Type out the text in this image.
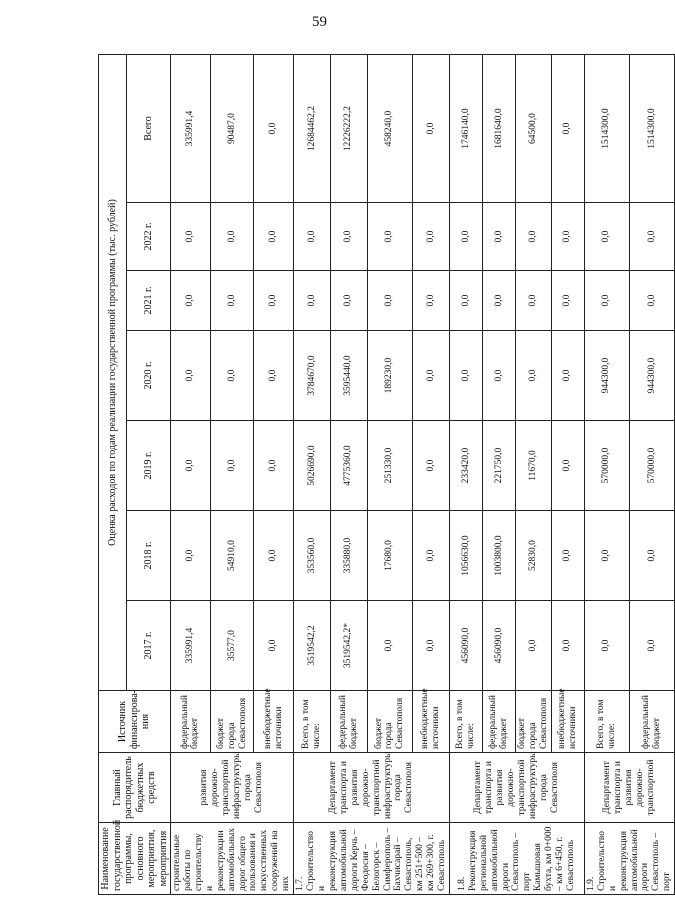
59
Наименование государственной программы, основного мероприятия, мероприятия	Главный распорядитель бюджетных средств	Источник финансирова-ния	Оценка расходов по годам реализации государственной программы (тыс. рублей)						
			2017 г.	2018 г.	2019 г.	2020 г.	2021 г.	2022 г.	Всего
строительные работы по строительству и реконструкции автомобильных дорог общего пользования и искусственных сооружений на них	развития дорожно-транспортной инфраструктуры города Севастополя	федеральный бюджет	335991,4	0,0	0,0	0,0	0,0	0,0	335991,4
		бюджет города Севастополя	35577,0	54910,0	0,0	0,0	0,0	0,0	90487,0
		внебюджетные источники	0,0	0,0	0,0	0,0	0,0	0,0	0,0
1.7. Строительство и реконструкция автомобильной дороги Керчь – Феодосия – Белогорск – Симферополь – Бахчисарай – Севастополь, км 251+500 – км 269+300, г. Севастополь	Департамент транспорта и развития дорожно-транспортной инфраструктуры города Севастополя	Всего, в том числе:	3519542,2	353560,0	5026690,0	3784670,0	0,0	0,0	12684462,2
		федеральный бюджет	3519542,2*	335880,0	4775360,0	3595440,0	0,0	0,0	12226222,2
		бюджет города Севастополя	0,0	17680,0	251330,0	189230,0	0,0	0,0	458240,0
		внебюджетные источники	0,0	0,0	0,0	0,0	0,0	0,0	0,0
1.8. Реконструкция региональной автомобильной дороги Севастополь – порт Камышовая бухта, км 0+000 – км 6+450, г. Севастополь	Департамент транспорта и развития дорожно-транспортной инфраструктуры города Севастополя	Всего, в том числе:	456090,0	1056630,0	233420,0	0,0	0,0	0,0	1746140,0
		федеральный бюджет	456090,0	1003800,0	221750,0	0,0	0,0	0,0	1681640,0
		бюджет города Севастополя	0,0	52830,0	11670,0	0,0	0,0	0,0	64500,0
		внебюджетные источники	0,0	0,0	0,0	0,0	0,0	0,0	0,0
1.9. Строительство и реконструкция автомобильной дороги Севастополь – порт	Департамент транспорта и развития дорожно-транспортной	Всего, в том числе:	0,0	0,0	570000,0	944300,0	0,0	0,0	1514300,0
		федеральный бюджет	0,0	0,0	570000,0	944300,0	0,0	0,0	1514300,0
